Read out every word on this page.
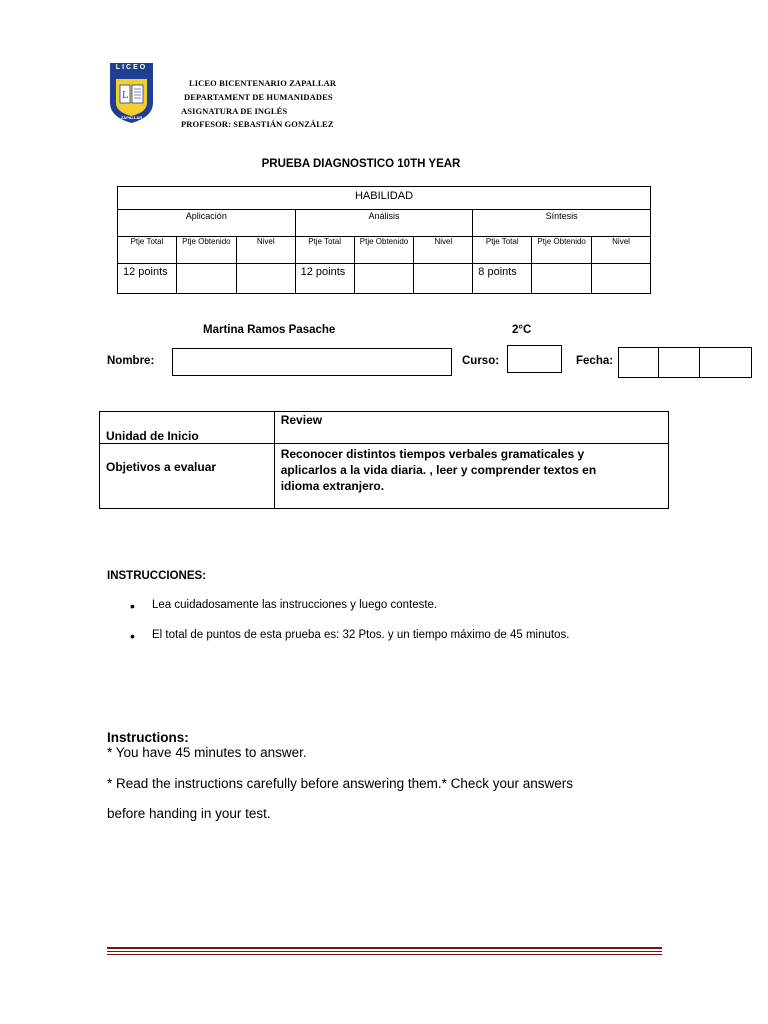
L
LICEO
ZAPALLAR
LICEO BICENTENARIO ZAPALLAR
DEPARTAMENT DE HUMANIDADES
ASIGNATURA DE INGLÉS
PROFESOR: SEBASTIÁN GONZÁLEZ
PRUEBA DIAGNOSTICO 10TH YEAR
HABILIDAD								
Aplicación			Análisis			Síntesis		
Ptje Total	Ptje Obtenido	Nivel	Ptje Total	Ptje Obtenido	Nivel	Ptje Total	Ptje Obtenido	Nivel
12 points			12 points			8 points		
Martina Ramos Pasache	2°C
Nombre:	Curso:	Fecha:
Unidad de Inicio	Review
Objetivos a evaluar	Reconocer distintos tiempos verbales gramaticales y aplicarlos a la vida diaria. , leer y comprender textos en idioma extranjero.
INSTRUCCIONES:
• Lea cuidadosamente las instrucciones y luego conteste.
• El total de puntos de esta prueba es: 32 Ptos. y un tiempo máximo de 45 minutos.
Instructions:
* You have 45 minutes to answer.
* Read the instructions carefully before answering them.* Check your answers
before handing in your test.
